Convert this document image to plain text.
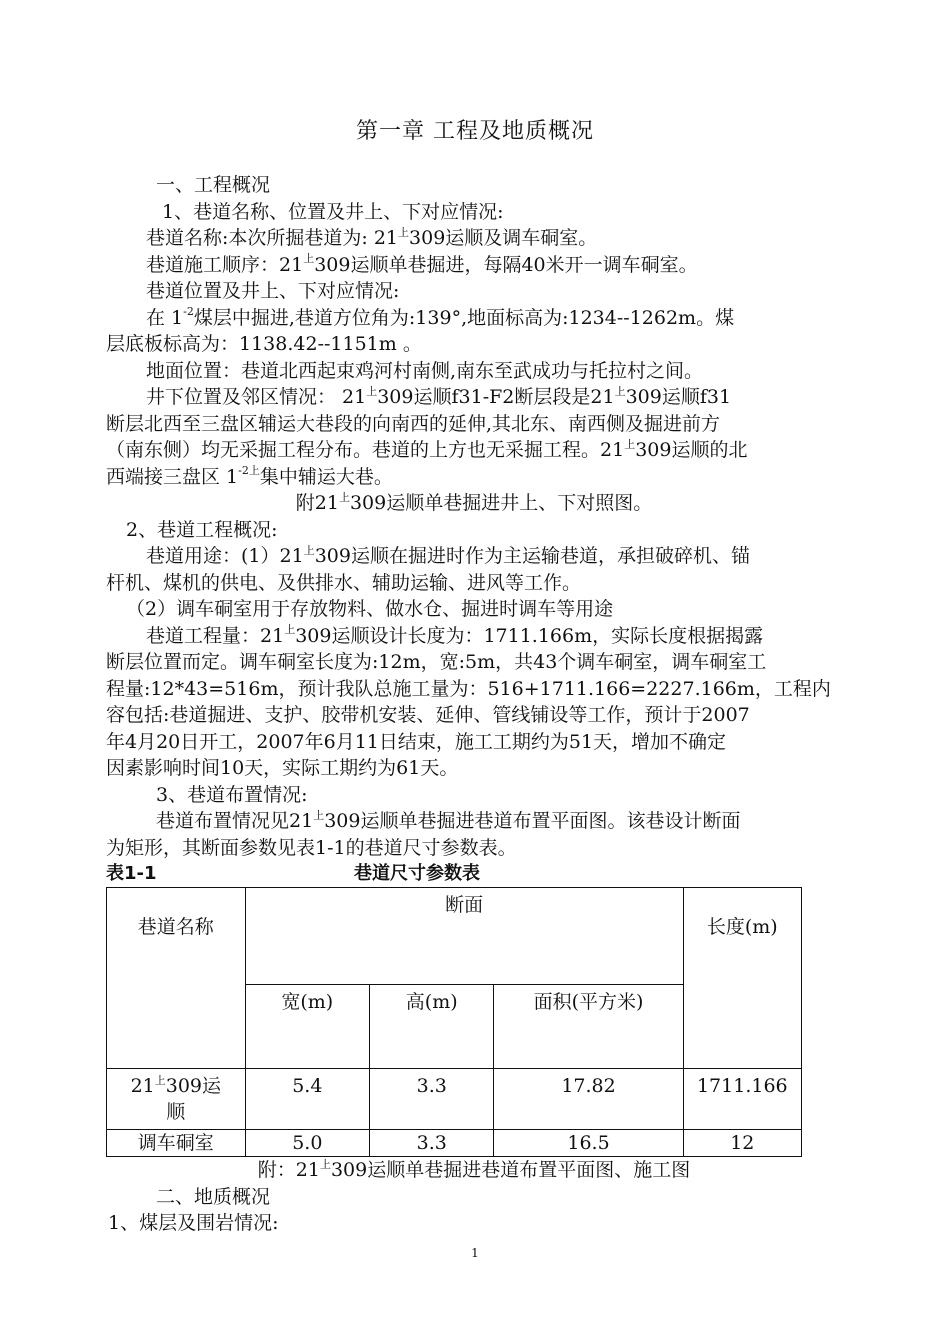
第一章 工程及地质概况

一、工程概况

1、巷道名称、位置及井上、下对应情况:

巷道名称:本次所掘巷道为: $21^上309$运顺及调车硐室。

巷道施工顺序：$21^上309$运顺单巷掘进，每隔40米开一调车硐室。

巷道位置及井上、下对应情况:

在 $1^{-2}$煤层中掘进,巷道方位角为:139°,地面标高为:1234--1262m。煤

层底板标高为：1138.42--1151m 。

地面位置：巷道北西起束鸡河村南侧,南东至武成功与托拉村之间。

井下位置及邻区情况： $21^上309$运顺f31-F2断层段是$21^上309$运顺f31

断层北西至三盘区辅运大巷段的向南西的延伸,其北东、南西侧及掘进前方

（南东侧）均无采掘工程分布。巷道的上方也无采掘工程。$21^上309$运顺的北

西端接三盘区 $1^{-2上}$集中辅运大巷。

附$21^上309$运顺单巷掘进井上、下对照图。

2、巷道工程概况:

巷道用途：$(1)21^上309$运顺在掘进时作为主运输巷道，承担破碎机、锚

杆机、煤机的供电、及供排水、辅助运输、进风等工作。

（2）调车硐室用于存放物料、做水仓、掘进时调车等用途

巷道工程量：$21^上309$运顺设计长度为：1711.166m，实际长度根据揭露

断层位置而定。调车硐室长度为:12m，宽:5m，共43个调车硐室，调车硐室工

程量:12*43=516m，预计我队总施工量为：516+1711.166=2227.166m，工程内

容包括:巷道掘进、支护、胶带机安装、延伸、管线铺设等工作，预计于2007

年4月20日开工，2007年6月11日结束，施工工期约为51天，增加不确定

因素影响时间10天，实际工期约为61天。

3、巷道布置情况:

巷道布置情况见$21^上309$运顺单巷掘进巷道布置平面图。该巷设计断面

为矩形，其断面参数见表1-1的巷道尺寸参数表。

表1-1	巷道尺寸参数表
巷道名称	断面			长度(m)
	宽(m)	高(m)	面积(平方米)	
$21^上309$运
顺	5.4	3.3	17.82	1711.166
调车硐室	5.0	3.3	16.5	12

附：$21^上309$运顺单巷掘进巷道布置平面图、施工图

二、地质概况

1、煤层及围岩情况:

1
